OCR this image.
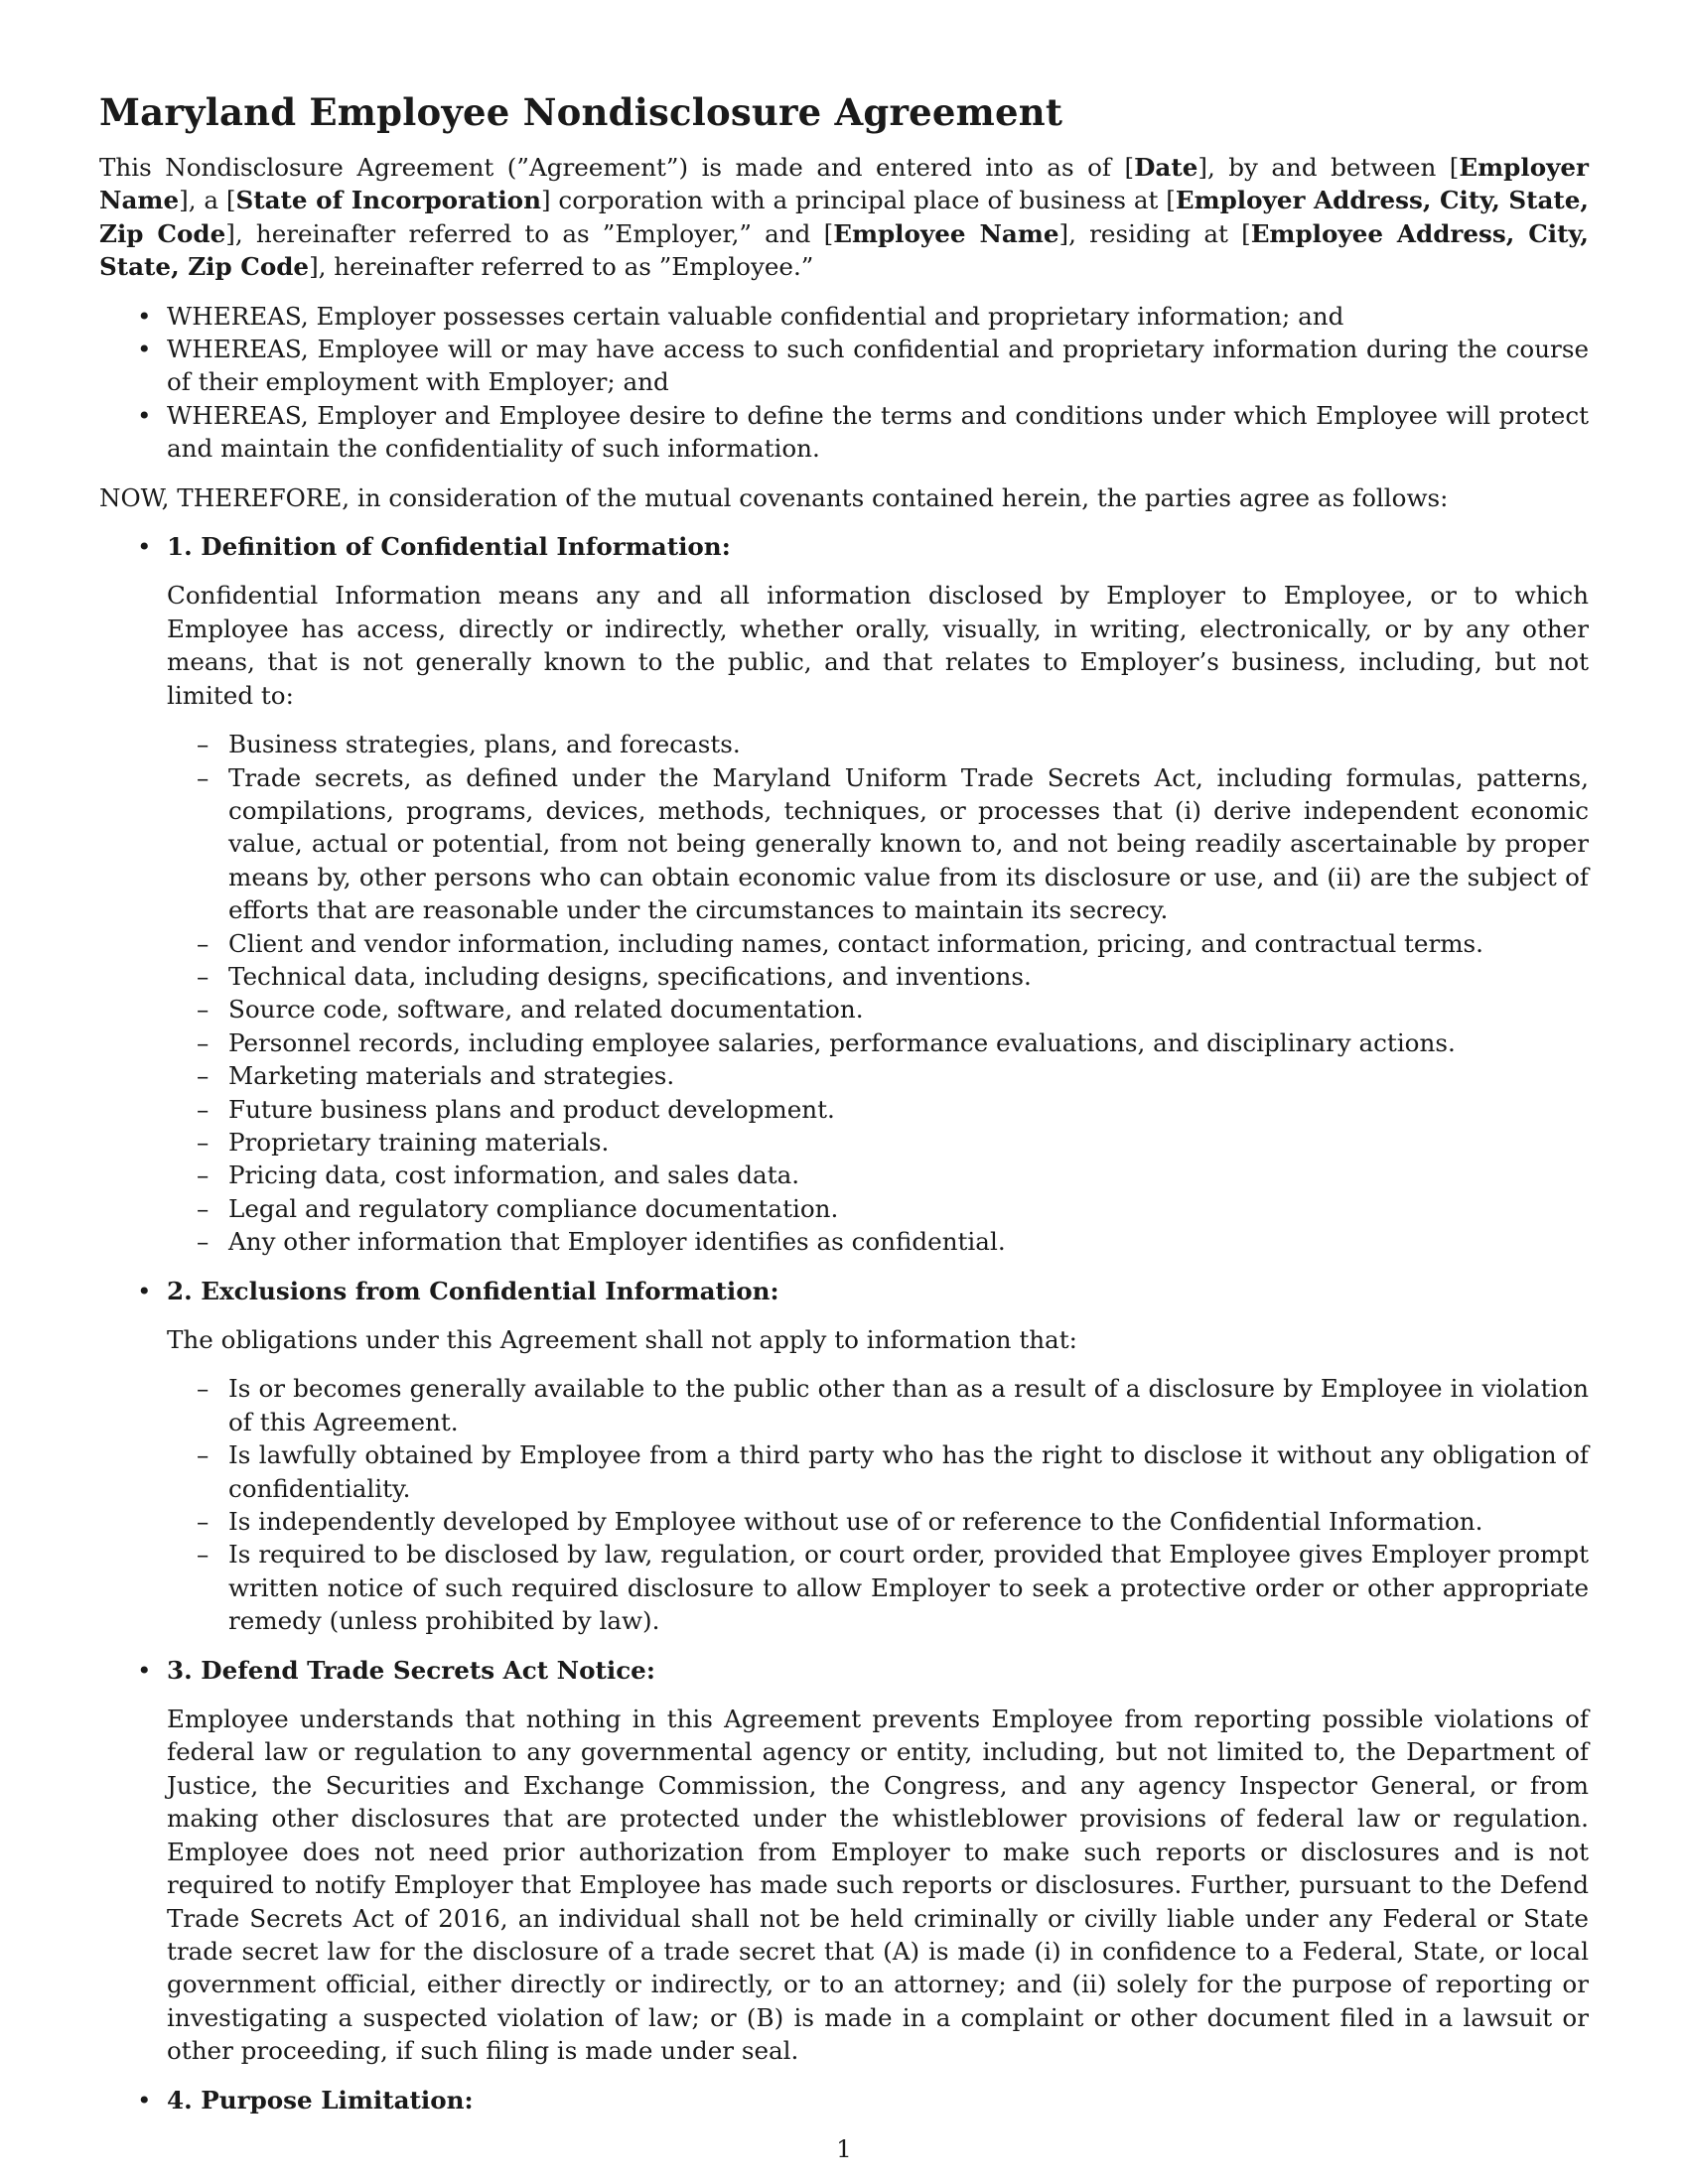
Maryland Employee Nondisclosure Agreement

This Nondisclosure Agreement (”Agreement”) is made and entered into as of [Date], by and between [Employer Name], a [State of Incorporation] corporation with a principal place of business at [Employer Address, City, State, Zip Code], hereinafter referred to as ”Employer,” and [Employee Name], residing at [Employee Address, City, State, Zip Code], hereinafter referred to as ”Employee.”

• WHEREAS, Employer possesses certain valuable confidential and proprietary information; and
• WHEREAS, Employee will or may have access to such confidential and proprietary information during the course of their employment with Employer; and
• WHEREAS, Employer and Employee desire to define the terms and conditions under which Employee will protect and maintain the confidentiality of such information.

NOW, THEREFORE, in consideration of the mutual covenants contained herein, the parties agree as follows:

• 1. Definition of Confidential Information:

Confidential Information means any and all information disclosed by Employer to Employee, or to which Employee has access, directly or indirectly, whether orally, visually, in writing, electronically, or by any other means, that is not generally known to the public, and that relates to Employer’s business, including, but not limited to:

– Business strategies, plans, and forecasts.
– Trade secrets, as defined under the Maryland Uniform Trade Secrets Act, including formulas, patterns, compilations, programs, devices, methods, techniques, or processes that (i) derive independent economic value, actual or potential, from not being generally known to, and not being readily ascertainable by proper means by, other persons who can obtain economic value from its disclosure or use, and (ii) are the subject of efforts that are reasonable under the circumstances to maintain its secrecy.
– Client and vendor information, including names, contact information, pricing, and contractual terms.
– Technical data, including designs, specifications, and inventions.
– Source code, software, and related documentation.
– Personnel records, including employee salaries, performance evaluations, and disciplinary actions.
– Marketing materials and strategies.
– Future business plans and product development.
– Proprietary training materials.
– Pricing data, cost information, and sales data.
– Legal and regulatory compliance documentation.
– Any other information that Employer identifies as confidential.
• 2. Exclusions from Confidential Information:

The obligations under this Agreement shall not apply to information that:

– Is or becomes generally available to the public other than as a result of a disclosure by Employee in violation of this Agreement.
– Is lawfully obtained by Employee from a third party who has the right to disclose it without any obligation of confidentiality.
– Is independently developed by Employee without use of or reference to the Confidential Information.
– Is required to be disclosed by law, regulation, or court order, provided that Employee gives Employer prompt written notice of such required disclosure to allow Employer to seek a protective order or other appropriate remedy (unless prohibited by law).
• 3. Defend Trade Secrets Act Notice:

Employee understands that nothing in this Agreement prevents Employee from reporting possible violations of federal law or regulation to any governmental agency or entity, including, but not limited to, the Department of Justice, the Securities and Exchange Commission, the Congress, and any agency Inspector General, or from making other disclosures that are protected under the whistleblower provisions of federal law or regulation. Employee does not need prior authorization from Employer to make such reports or disclosures and is not required to notify Employer that Employee has made such reports or disclosures. Further, pursuant to the Defend Trade Secrets Act of 2016, an individual shall not be held criminally or civilly liable under any Federal or State trade secret law for the disclosure of a trade secret that (A) is made (i) in confidence to a Federal, State, or local government official, either directly or indirectly, or to an attorney; and (ii) solely for the purpose of reporting or investigating a suspected violation of law; or (B) is made in a complaint or other document filed in a lawsuit or other proceeding, if such filing is made under seal.

• 4. Purpose Limitation:
1
